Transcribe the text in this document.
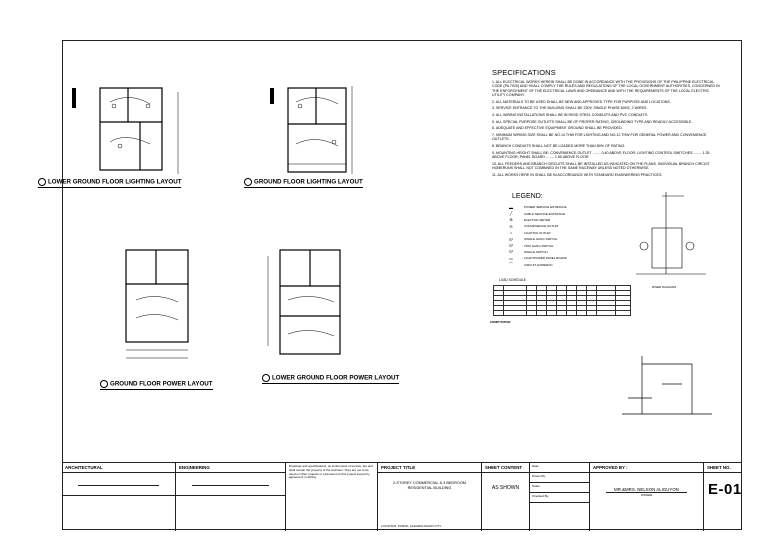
LOWER GROUND FLOOR LIGHTING LAYOUT	GROUND FLOOR LIGHTING LAYOUT
GROUND FLOOR POWER LAYOUT
LOWER GROUND FLOOR POWER LAYOUT
SPECIFICATIONS
1. ALL ELECTRICAL WORKS HEREIN SHALL BE DONE IN ACCORDANCE WITH THE PROVISIONS OF THE PHILIPPINE ELECTRICAL CODE (PA 7920) AND SHALL COMPLY THE RULES AND REGULATIONS OF THE LOCAL GOVERNMENT AUTHORITIES, CONCERNED IN THE ENFORCEMENT OF THE ELECTRICAL LAWS AND ORDINANCE AND WITH THE REQUIREMENTS OF THE LOCAL ELECTRIC UTILITY COMPANY.
2. ALL MATERIALS TO BE USED SHALL BE NEW AND APPROVED TYPE FOR PURPOSE AND LOCATIONS.
3. SERVICE ENTRANCE TO THE BUILDING SHALL BE 230V, SINGLE PHASE,60HZ, 2 WIRES.
4. ALL WIRING INSTALLATIONS SHALL BE IN RIGID STEEL CONDUITS AND PVC CONDUITS.
5. ALL SPECIAL PURPOSE OUTLETS SHALL BE OF PROPER RATING, GROUNDING TYPE AND READILY ACCESSIBLE.
6. ADEQUATE AND EFFECTIVE EQUIPMENT GROUND SHALL BE PROVIDED.
7. MINIMUM WIRING SIZE SHALL BE NO.14 THW FOR LIGHTING AND NO.12 THW FOR GENERAL POWER AND CONVENIENCE OUTLETS.
8. BRANCH CONDUITS SHALL NOT BE LOADED MORE THAN 80% OF RATING.
9. MOUNTING HEIGHT SHALL BE: CONVENIENCE OUTLET ........ 0.40 ABOVE FLOOR; LIGHTING CONTROL SWITCHES ........ 1.35 ABOVE FLOOR; PANEL BOARD ........ 1.50 ABOVE FLOOR
10. ALL FEEDERS AND BRANCH CIRCUITS SHALL BE INSTALLED AS INDICATED ON THE PLANS. INDIVIDUAL BRANCH CIRCUIT HOMERUNS SHALL NOT COMBINED IN THE SAME RACEWAY UNLESS NOTED OTHERWISE.
11. ALL WORKS HERE IN SHALL BE IN ACCORDANCE WITH STANDARD ENGINEERING PRACTICES.
LEGEND:
▬	POWER SERVICE ENTRANCE
╱	CABLE SERVICE ENTRANCE
⊕	ELECTRIC METER
⊖	CONVENIENCE OUTLET
○	LIGHTING OUTLET
S¹	SINGLE GANG SWITCH
S²	TWO GANG SWITCH
S³	SINGLE SWITCH
▭	LIGHT/POWER PANEL BOARD
⌒	CIRCUIT HOMERUN
RISER DIAGRAM
LOAD SCHEDULE

COMPUTATION
ARCHITECTURAL	ENGINEERING	Drawings and specifications, as instruments of service, are and shall remain the property of the Architect. They are not to be used on other projects or extensions to this project except by agreement in writing.
PROJECT TITLE
2-STOREY COMMERCIAL & 3 BEDROOM RESIDENTIAL BUILDING
LOCATION: PUROK, ALEGRIA DAVAO CITY
SHEET CONTENT
AS SHOWN
Date:
Drawn By:
Scale:
Checked By:
APPROVED BY :
MR.&MRS. NELSON ALIGUYON
OWNER
SHEET NO.
E-01
